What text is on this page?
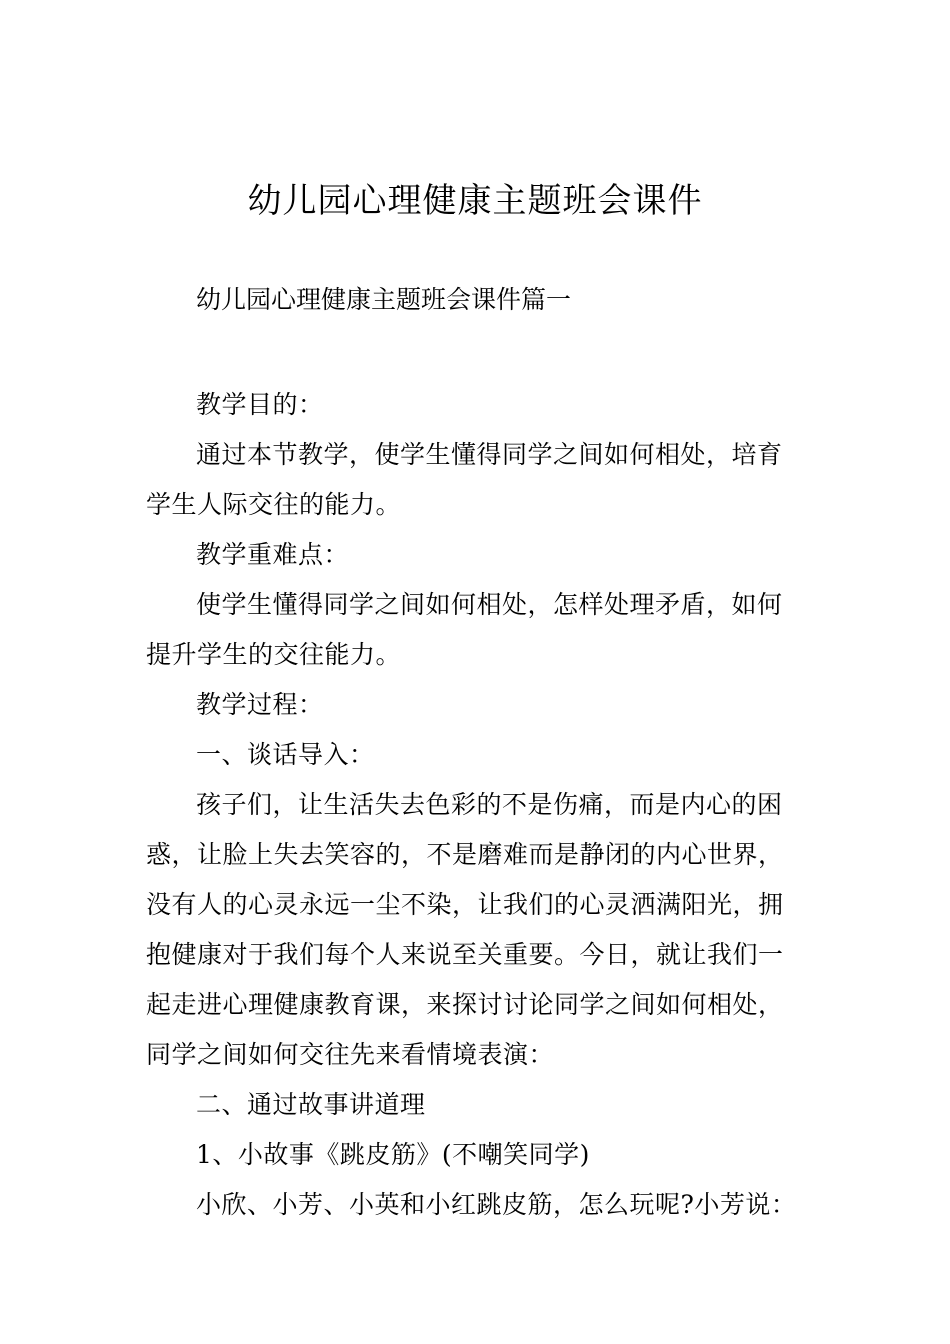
幼儿园心理健康主题班会课件
幼儿园心理健康主题班会课件篇一

教学目的：

通过本节教学，使学生懂得同学之间如何相处，培育学生人际交往的能力。

教学重难点：

使学生懂得同学之间如何相处，怎样处理矛盾，如何提升学生的交往能力。

教学过程：

一、谈话导入：

孩子们，让生活失去色彩的不是伤痛，而是内心的困惑，让脸上失去笑容的，不是磨难而是静闭的内心世界，没有人的心灵永远一尘不染，让我们的心灵洒满阳光，拥抱健康对于我们每个人来说至关重要。今日，就让我们一起走进心理健康教育课，来探讨讨论同学之间如何相处，同学之间如何交往先来看情境表演：

二、通过故事讲道理

1、小故事《跳皮筋》(不嘲笑同学)

小欣、小芳、小英和小红跳皮筋，怎么玩呢?小芳说：
